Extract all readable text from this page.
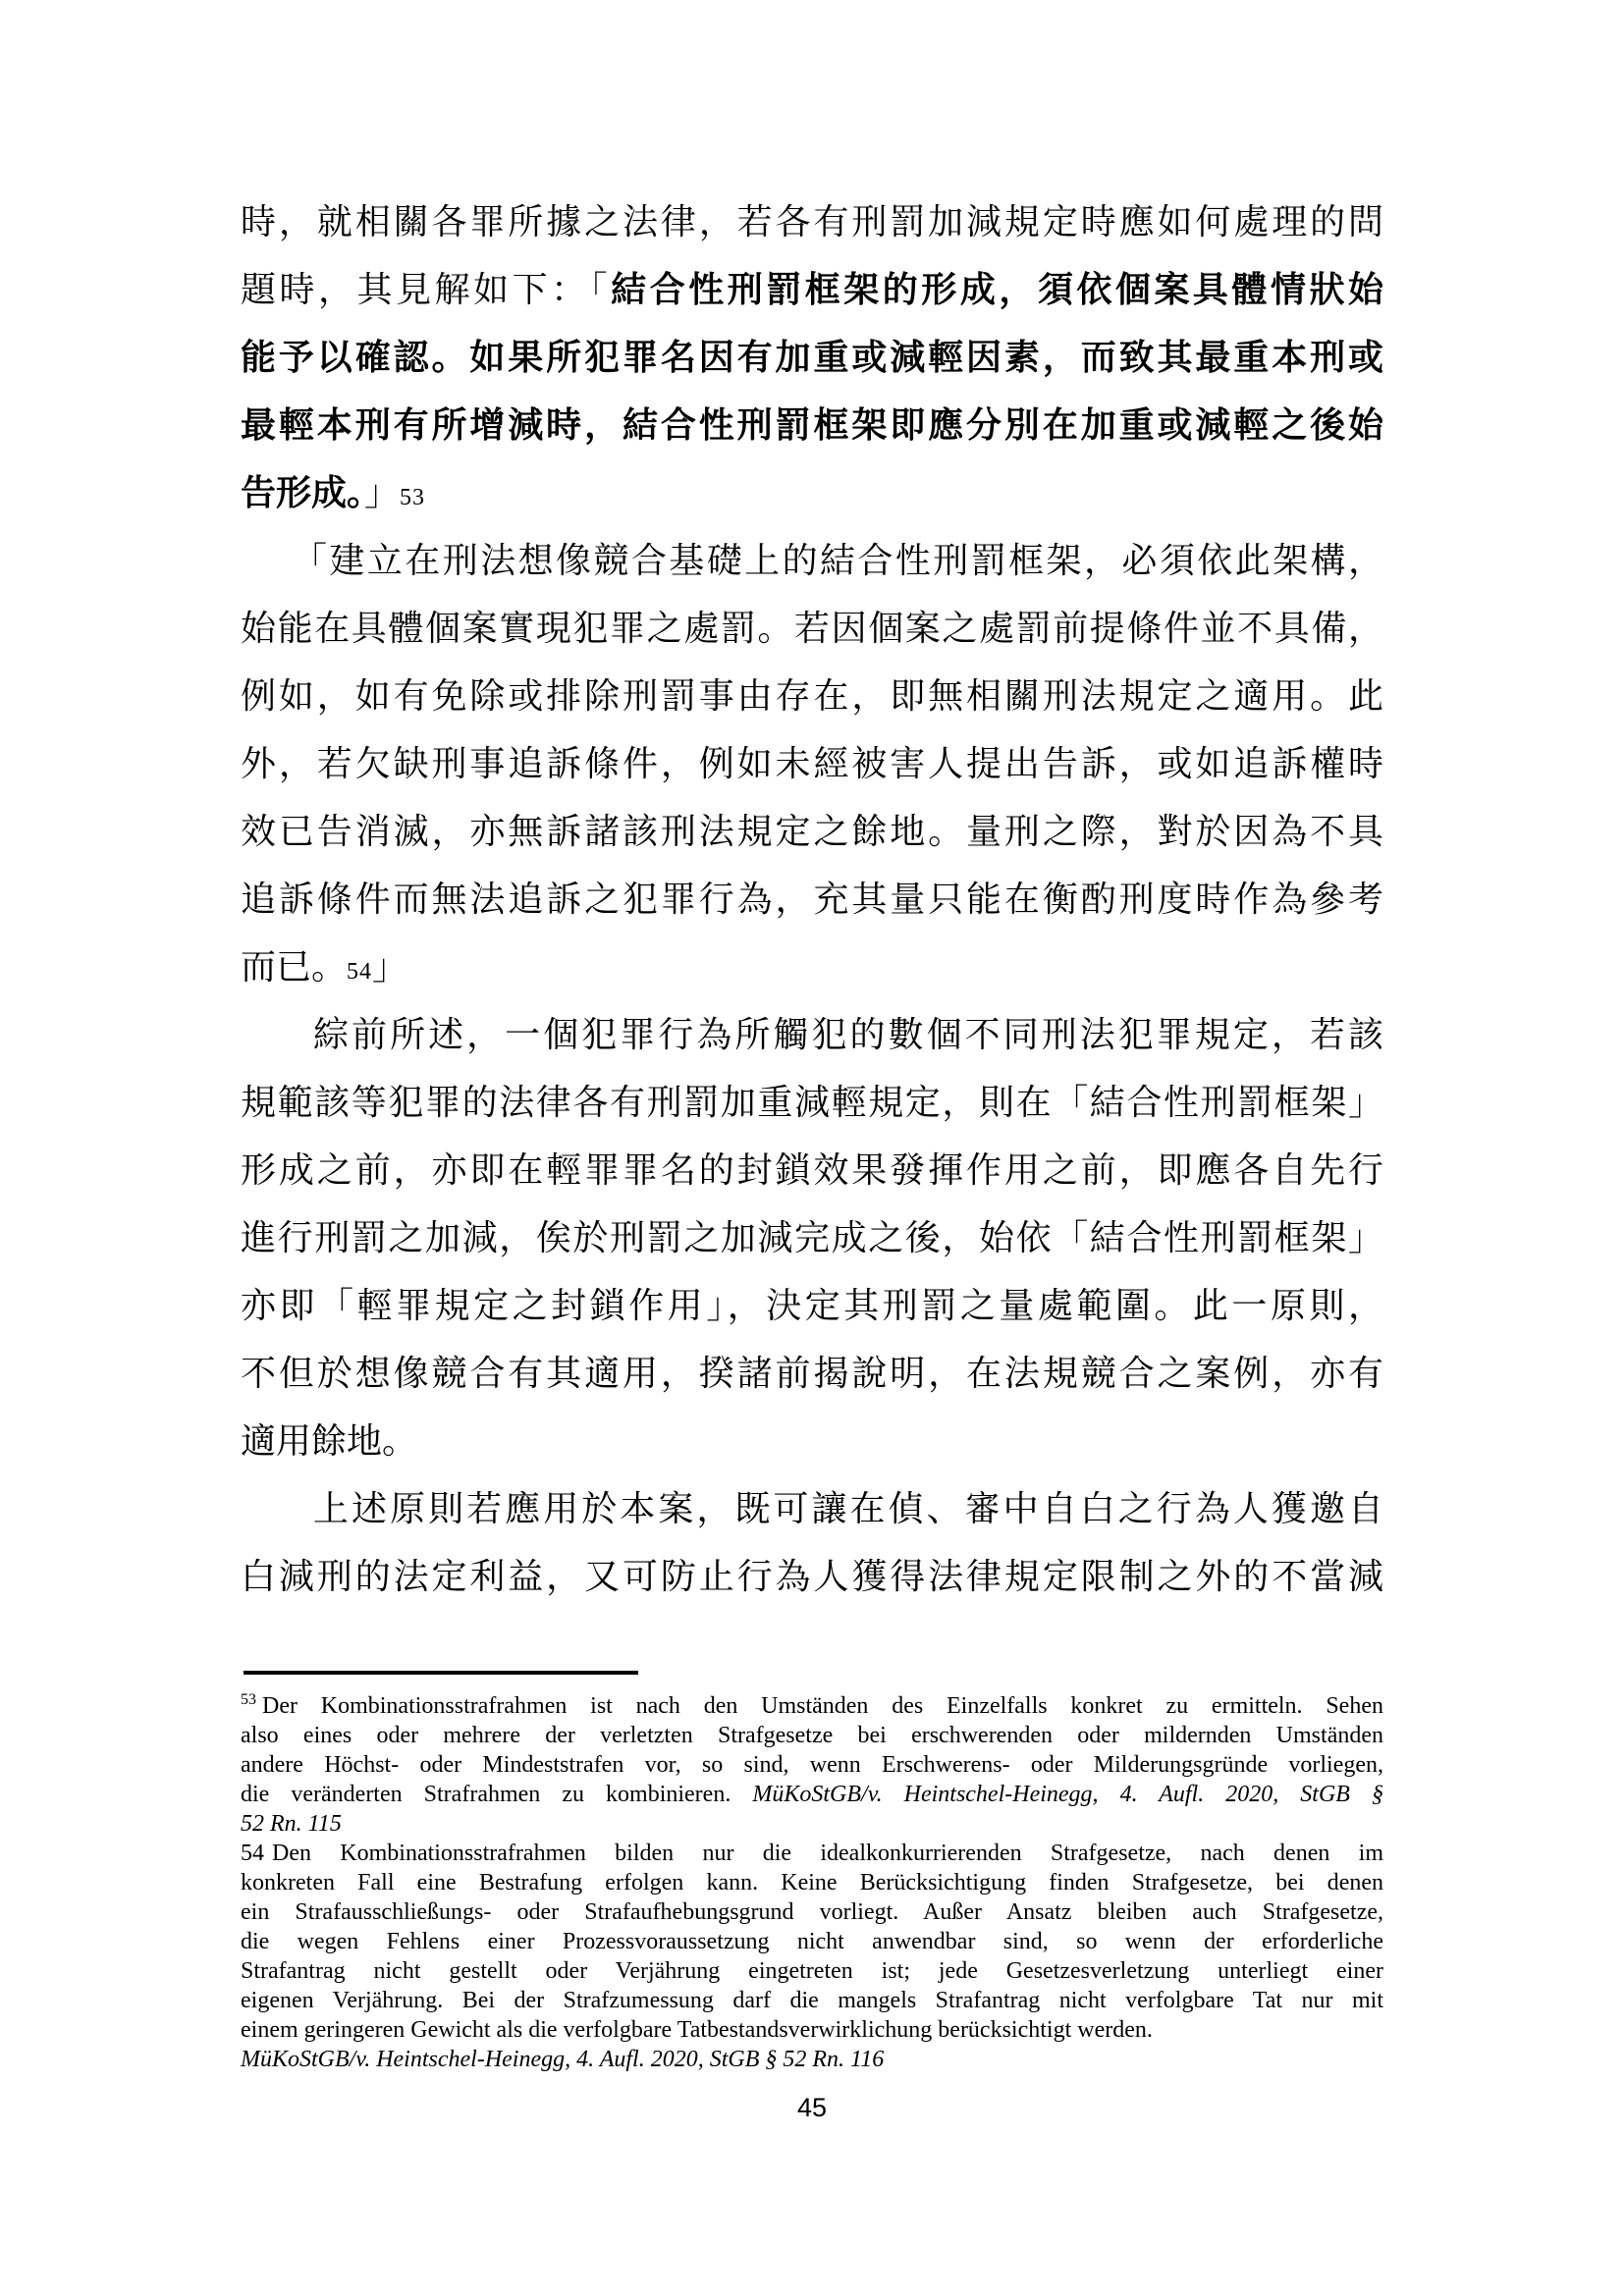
時，就相關各罪所據之法律，若各有刑罰加減規定時應如何處理的問
題時，其見解如下：「結合性刑罰框架的形成，須依個案具體情狀始
能予以確認。如果所犯罪名因有加重或減輕因素，而致其最重本刑或
最輕本刑有所增減時，結合性刑罰框架即應分別在加重或減輕之後始
告形成。」53
「建立在刑法想像競合基礎上的結合性刑罰框架，必須依此架構，
始能在具體個案實現犯罪之處罰。若因個案之處罰前提條件並不具備，
例如，如有免除或排除刑罰事由存在，即無相關刑法規定之適用。此
外，若欠缺刑事追訴條件，例如未經被害人提出告訴，或如追訴權時
效已告消滅，亦無訴諸該刑法規定之餘地。量刑之際，對於因為不具
追訴條件而無法追訴之犯罪行為，充其量只能在衡酌刑度時作為參考
而已。54」
綜前所述，一個犯罪行為所觸犯的數個不同刑法犯罪規定，若該
規範該等犯罪的法律各有刑罰加重減輕規定，則在「結合性刑罰框架」
形成之前，亦即在輕罪罪名的封鎖效果發揮作用之前，即應各自先行
進行刑罰之加減，俟於刑罰之加減完成之後，始依「結合性刑罰框架」
亦即「輕罪規定之封鎖作用」，決定其刑罰之量處範圍。此一原則，
不但於想像競合有其適用，揆諸前揭說明，在法規競合之案例，亦有
適用餘地。
上述原則若應用於本案，既可讓在偵、審中自白之行為人獲邀自
白減刑的法定利益，又可防止行為人獲得法律規定限制之外的不當減
$^{53}$ Der Kombinationsstrafrahmen ist nach den Umständen des Einzelfalls konkret zu ermitteln. Sehen
also eines oder mehrere der verletzten Strafgesetze bei erschwerenden oder mildernden Umständen
andere Höchst- oder Mindeststrafen vor, so sind, wenn Erschwerens- oder Milderungsgründe vorliegen,
die veränderten Strafrahmen zu kombinieren. MüKoStGB/v. Heintschel-Heinegg, 4. Aufl. 2020, StGB §
52 Rn. 115
54 Den Kombinationsstrafrahmen bilden nur die idealkonkurrierenden Strafgesetze, nach denen im
konkreten Fall eine Bestrafung erfolgen kann. Keine Berücksichtigung finden Strafgesetze, bei denen
ein Strafausschließungs- oder Strafaufhebungsgrund vorliegt. Außer Ansatz bleiben auch Strafgesetze,
die wegen Fehlens einer Prozessvoraussetzung nicht anwendbar sind, so wenn der erforderliche
Strafantrag nicht gestellt oder Verjährung eingetreten ist; jede Gesetzesverletzung unterliegt einer
eigenen Verjährung. Bei der Strafzumessung darf die mangels Strafantrag nicht verfolgbare Tat nur mit
einem geringeren Gewicht als die verfolgbare Tatbestandsverwirklichung berücksichtigt werden.
MüKoStGB/v. Heintschel-Heinegg, 4. Aufl. 2020, StGB § 52 Rn. 116
45
